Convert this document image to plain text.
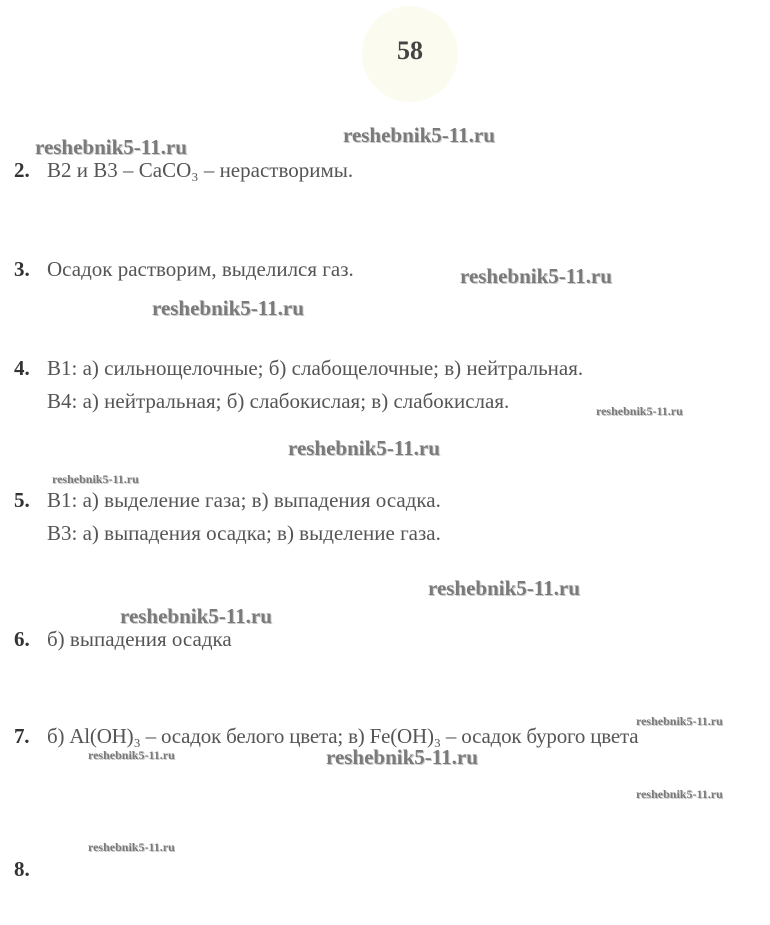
58
2. В2 и В3 – CaCO₃ – нерастворимы.
3. Осадок растворим, выделился газ.
4. В1: а) сильнощелочные; б) слабощелочные; в) нейтральная.
В4: а) нейтральная; б) слабокислая; в) слабокислая.
5. В1: а) выделение газа; в) выпадения осадка.
В3: а) выпадения осадка; в) выделение газа.
6. б) выпадения осадка
7. б) Al(OH)₃ – осадок белого цвета; в) Fe(OH)₃ – осадок бурого цвета
8.
reshebnik5-11.ru	reshebnik5-11.ru
reshebnik5-11.ru
reshebnik5-11.ru
reshebnik5-11.ru
reshebnik5-11.ru
reshebnik5-11.ru
reshebnik5-11.ru
reshebnik5-11.ru
reshebnik5-11.ru
reshebnik5-11.ru	reshebnik5-11.ru
reshebnik5-11.ru
reshebnik5-11.ru
